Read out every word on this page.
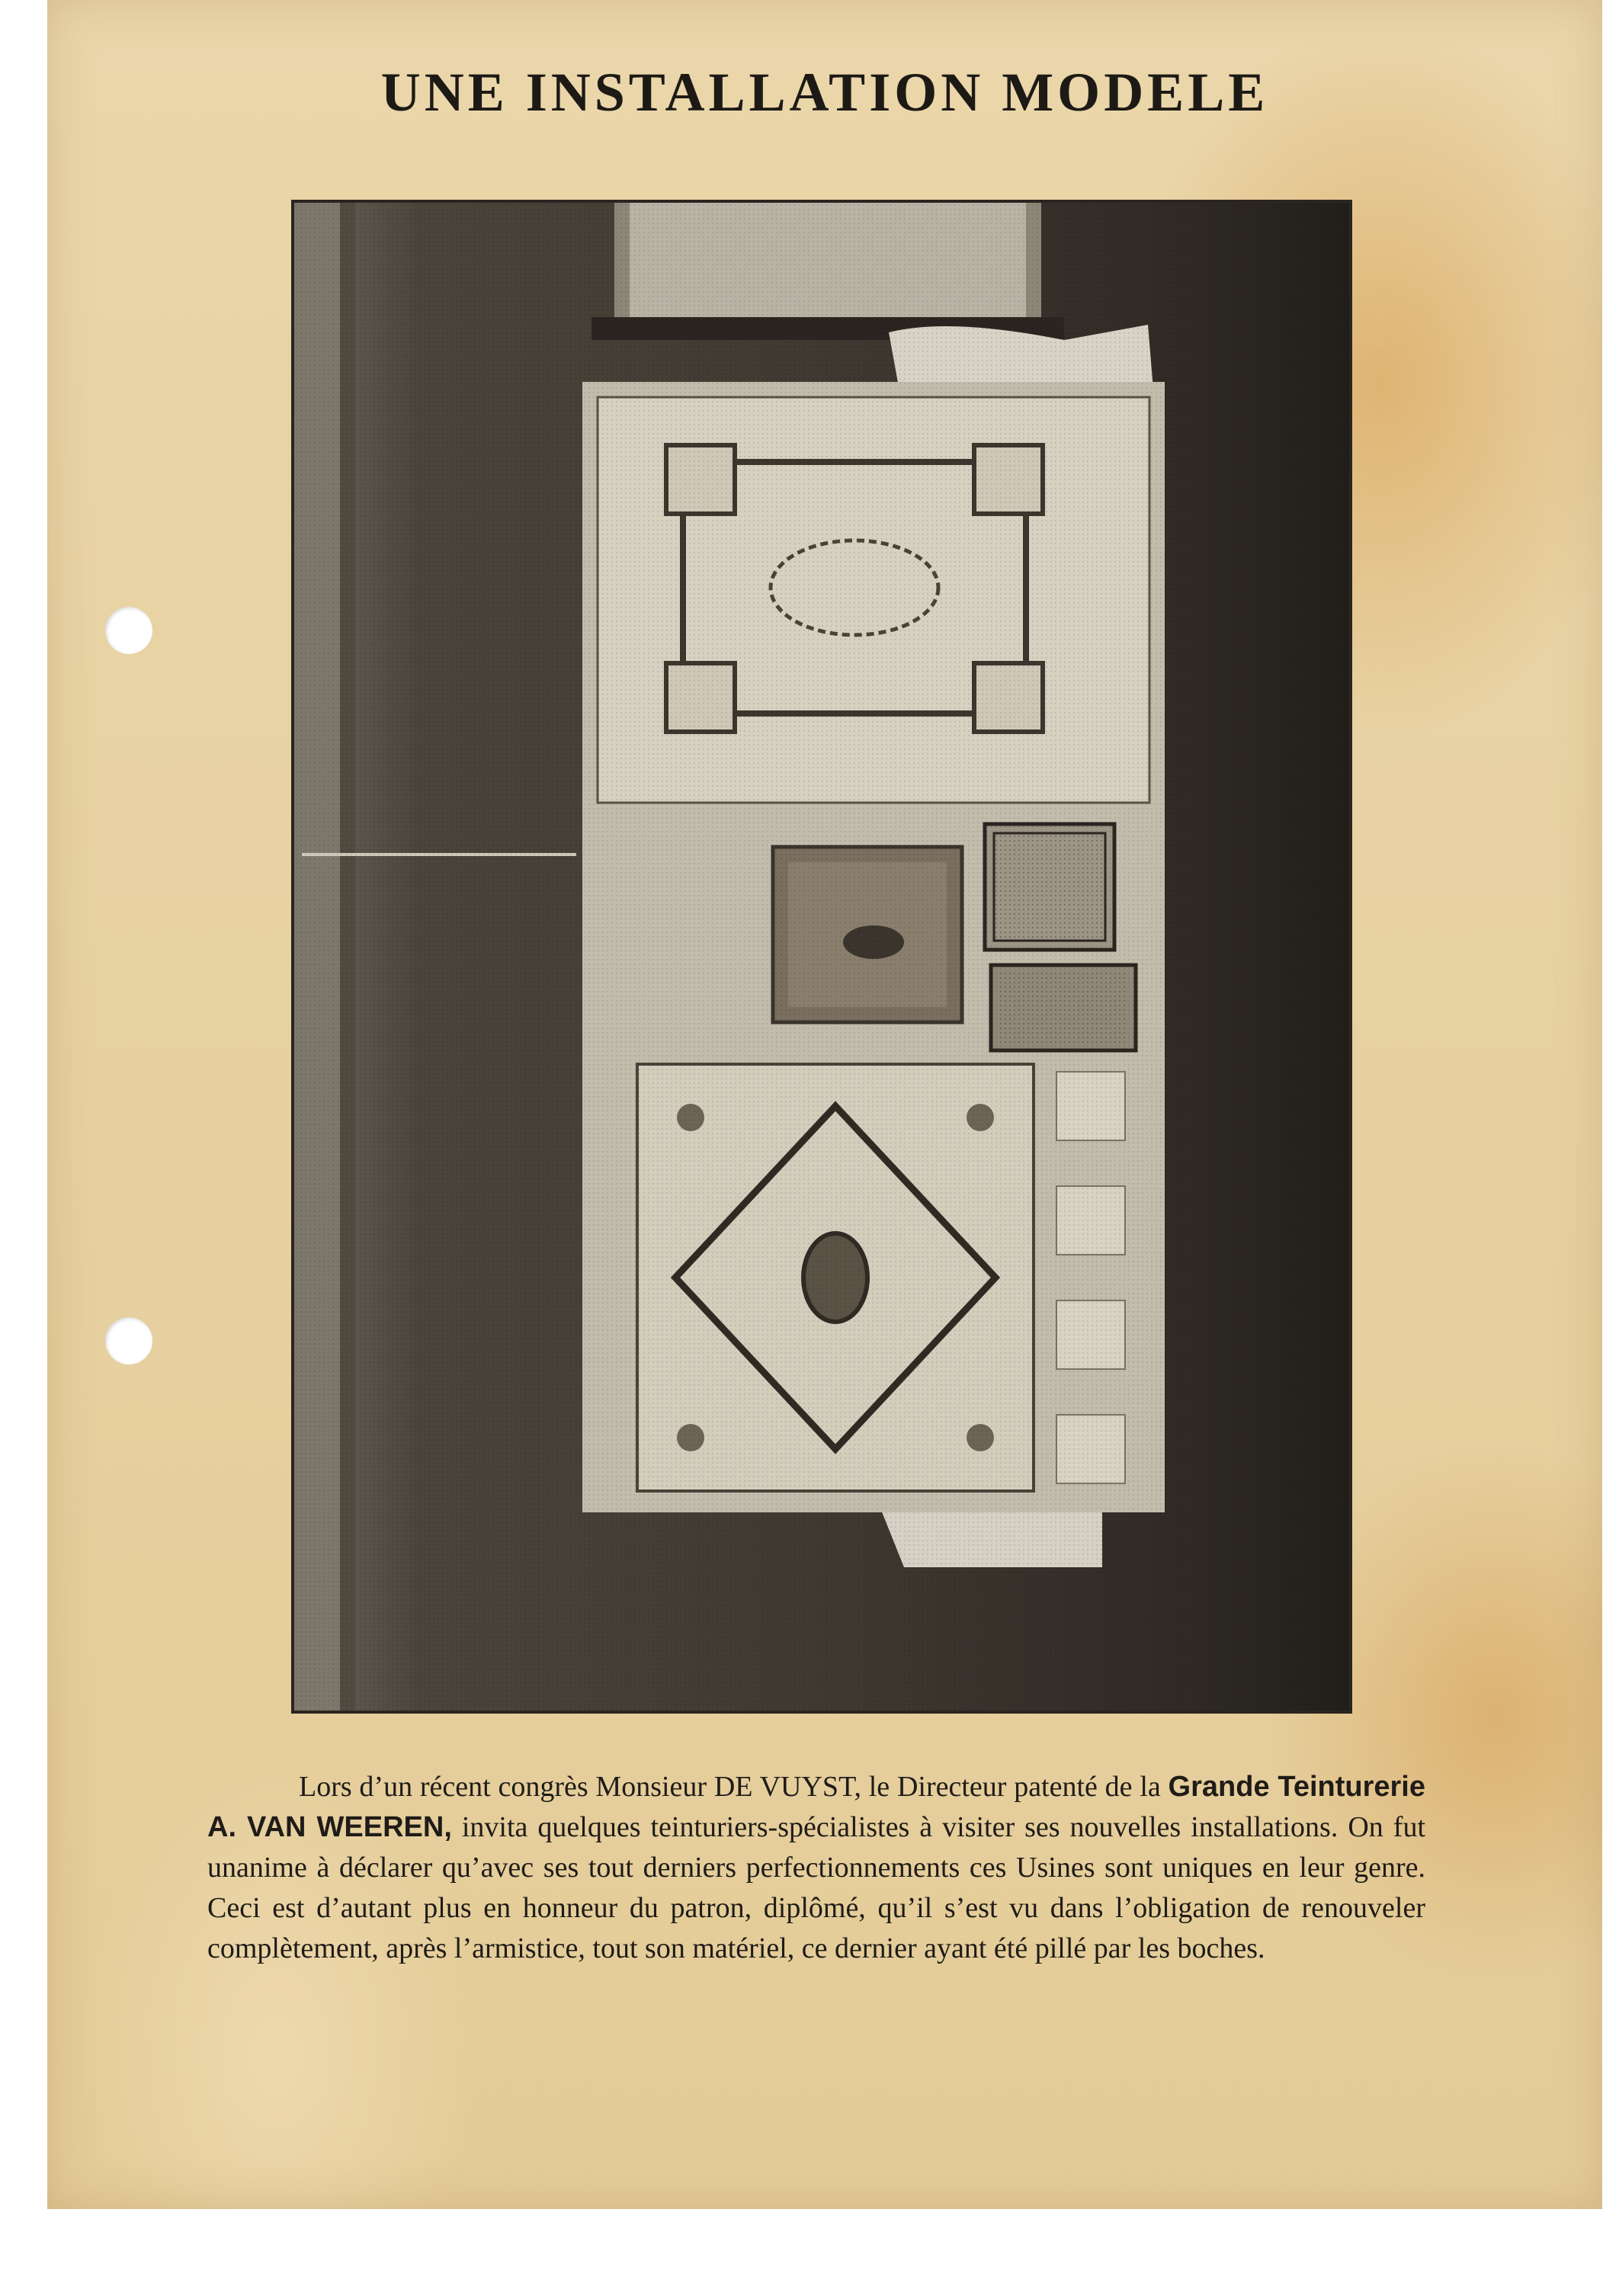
UNE INSTALLATION MODELE

Lors d’un récent congrès Monsieur DE VUYST, le Directeur patenté de la Grande Teinturerie A. VAN WEEREN, invita quelques teinturiers-spécialistes à visiter ses nouvelles installations. On fut unanime à déclarer qu’avec ses tout derniers perfectionnements ces Usines sont uniques en leur genre. Ceci est d’autant plus en honneur du patron, diplômé, qu’il s’est vu dans l’obligation de renouveler complètement, après l’armistice, tout son matériel, ce dernier ayant été pillé par les boches.
